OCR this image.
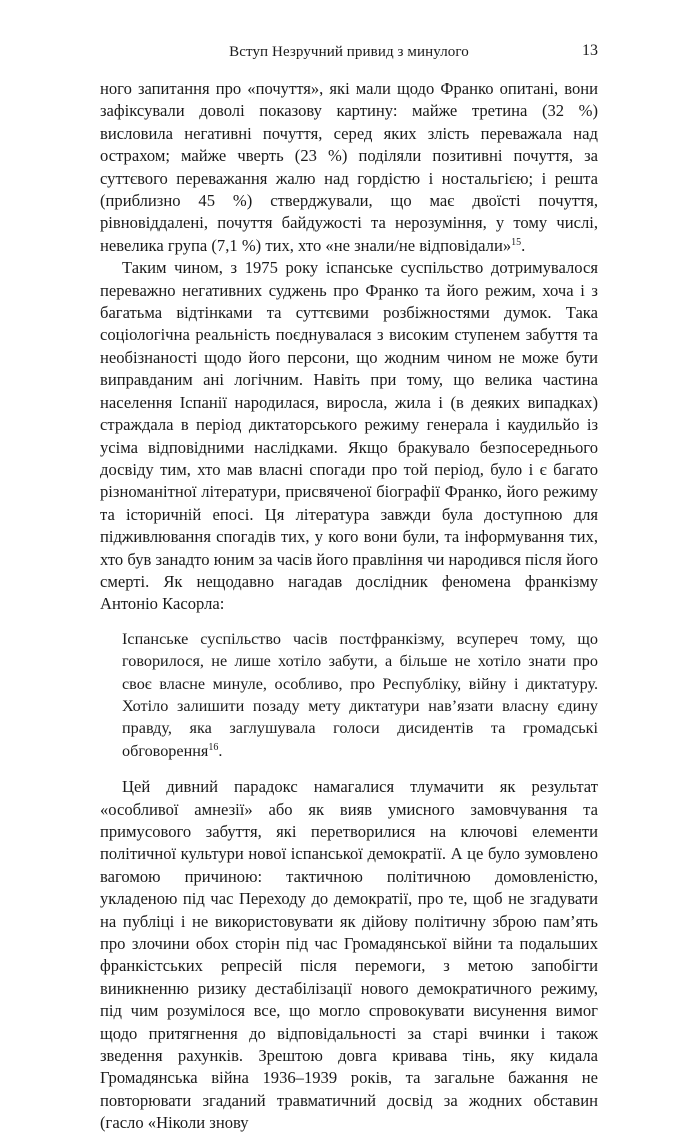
Вступ Незручний привид з минулого	13

ного запитання про «почуття», які мали щодо Франко опитані, вони зафіксували доволі показову картину: майже третина (32 %) висловила негативні почуття, серед яких злість переважала над острахом; майже чверть (23 %) поділяли позитивні почуття, за суттєвого переважання жалю над гордістю і ностальгією; і решта (приблизно 45 %) стверджували, що має двоїсті почуття, рівновіддалені, почуття байдужості та нерозуміння, у тому числі, невелика група (7,1 %) тих, хто «не знали/не відповідали»$^{15}$.

Таким чином, з 1975 року іспанське суспільство дотримувалося переважно негативних суджень про Франко та його режим, хоча і з багатьма відтінками та суттєвими розбіжностями думок. Така соціологічна реальність поєднувалася з високим ступенем забуття та необізнаності щодо його персони, що жодним чином не може бути виправданим ані логічним. Навіть при тому, що велика частина населення Іспанії народилася, виросла, жила і (в деяких випадках) страждала в період диктаторського режиму генерала і каудильйо із усіма відповідними наслідками. Якщо бракувало безпосереднього досвіду тим, хто мав власні спогади про той період, було і є багато різноманітної літератури, присвяченої біографії Франко, його режиму та історичній епосі. Ця література завжди була доступною для підживлювання спогадів тих, у кого вони були, та інформування тих, хто був занадто юним за часів його правління чи народився після його смерті. Як нещодавно нагадав дослідник феномена франкізму Антоніо Касорла:

Іспанське суспільство часів постфранкізму, всупереч тому, що говорилося, не лише хотіло забути, а більше не хотіло знати про своє власне минуле, особливо, про Республіку, війну і диктатуру. Хотіло залишити позаду мету диктатури нав’язати власну єдину правду, яка заглушувала голоси дисидентів та громадські обговорення$^{16}$.

Цей дивний парадокс намагалися тлумачити як результат «особливої амнезії» або як вияв умисного замовчування та примусового забуття, які перетворилися на ключові елементи політичної культури нової іспанської демократії. А це було зумовлено вагомою причиною: тактичною політичною домовленістю, укладеною під час Переходу до демократії, про те, щоб не згадувати на публіці і не використовувати як дійову політичну зброю пам’ять про злочини обох сторін під час Громадянської війни та подальших франкістських репресій після перемоги, з метою запобігти виникненню ризику дестабілізації нового демократичного режиму, під чим розумілося все, що могло спровокувати висунення вимог щодо притягнення до відповідальності за старі вчинки і також зведення рахунків. Зрештою довга кривава тінь, яку кидала Громадянська війна 1936–1939 років, та загальне бажання не повторювати згаданий травматичний досвід за жодних обставин (гасло «Ніколи знову
